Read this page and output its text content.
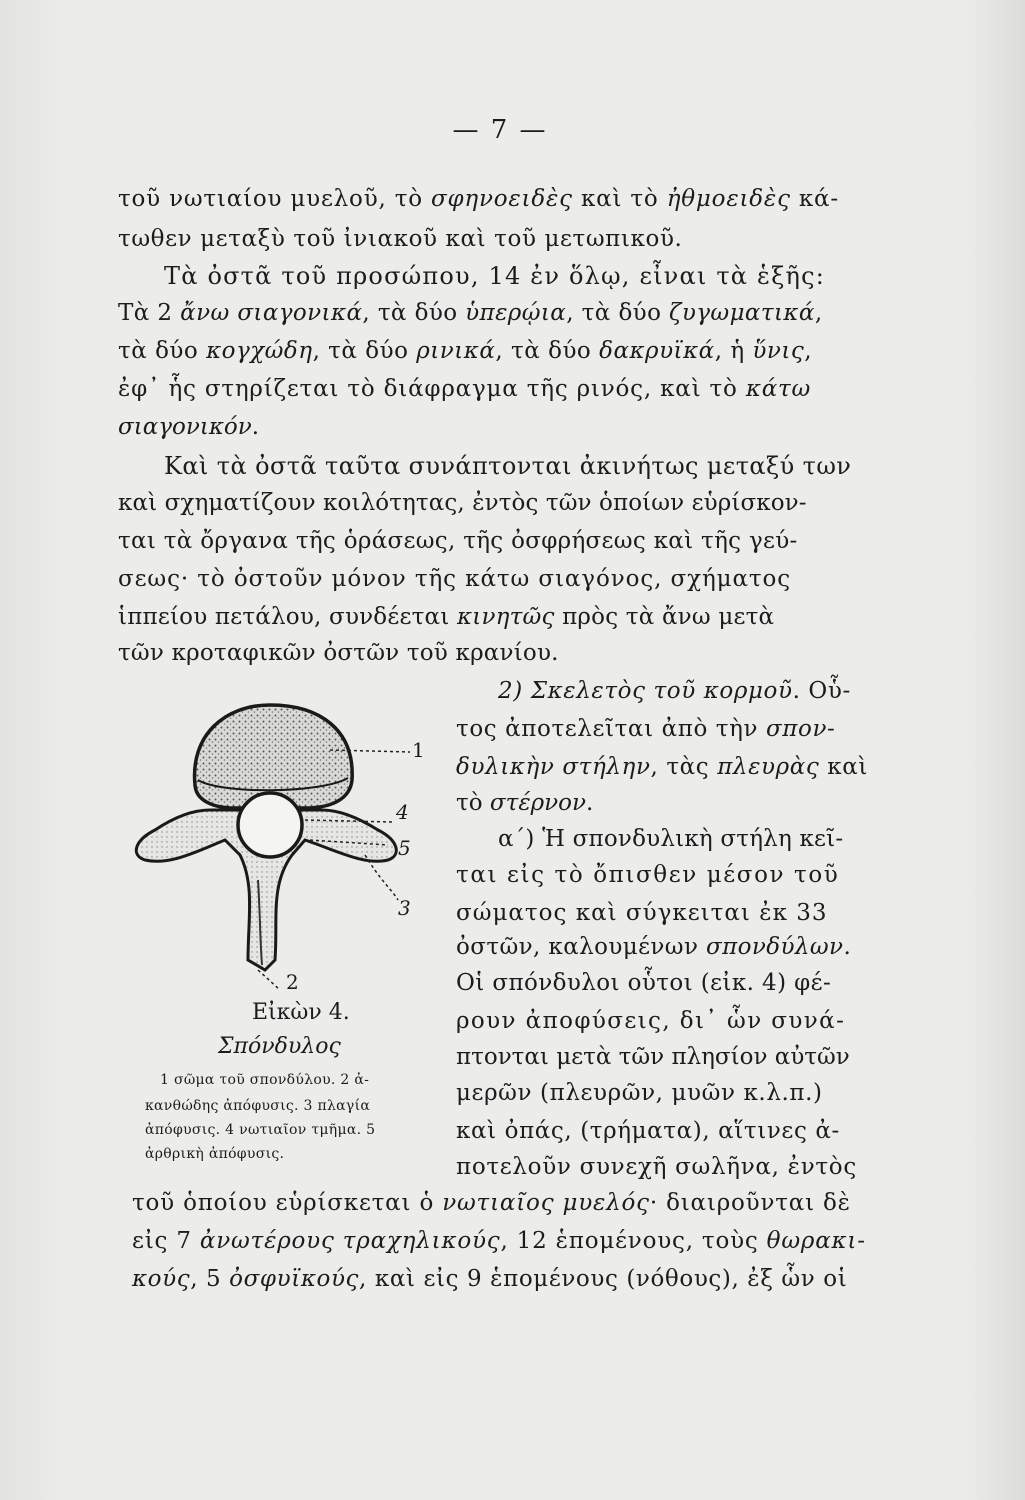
— 7 —
τοῦ νωτιαίου μυελοῦ, τὸ σφηνοειδὲς καὶ τὸ ἠθμοειδὲς κά-
τωθεν μεταξὺ τοῦ ἰνιακοῦ καὶ τοῦ μετωπικοῦ.
Τὰ ὀστᾶ τοῦ προσώπου, 14 ἐν ὅλῳ, εἶναι τὰ ἑξῆς:
Τὰ 2 ἄνω σιαγονικά, τὰ δύο ὑπερῴια, τὰ δύο ζυγωματικά,
τὰ δύο κογχώδη, τὰ δύο ρινικά, τὰ δύο δακρυϊκά, ἡ ὕνις,
ἐφ᾽ ἧς στηρίζεται τὸ διάφραγμα τῆς ρινός, καὶ τὸ κάτω
σιαγονικόν.
Καὶ τὰ ὀστᾶ ταῦτα συνάπτονται ἀκινήτως μεταξύ των
καὶ σχηματίζουν κοιλότητας, ἐντὸς τῶν ὁποίων εὑρίσκον-
ται τὰ ὄργανα τῆς ὁράσεως, τῆς ὀσφρήσεως καὶ τῆς γεύ-
σεως· τὸ ὀστοῦν μόνον τῆς κάτω σιαγόνος, σχήματος
ἱππείου πετάλου, συνδέεται κινητῶς πρὸς τὰ ἄνω μετὰ
τῶν κροταφικῶν ὀστῶν τοῦ κρανίου.
2) Σκελετὸς τοῦ κορμοῦ. Οὗ-
τος ἀποτελεῖται ἀπὸ τὴν σπον-
δυλικὴν στήλην, τὰς πλευρὰς καὶ
τὸ στέρνον.
α´) Ἡ σπονδυλικὴ στήλη κεῖ-
ται εἰς τὸ ὄπισθεν μέσον τοῦ
σώματος καὶ σύγκειται ἐκ 33
ὀστῶν, καλουμένων σπονδύλων.
Οἱ σπόνδυλοι οὗτοι (εἰκ. 4) φέ-
ρουν ἀποφύσεις, δι᾽ ὧν συνά-
πτονται μετὰ τῶν πλησίον αὐτῶν
μερῶν (πλευρῶν, μυῶν κ.λ.π.)
καὶ ὀπάς, (τρήματα), αἵτινες ἀ-
ποτελοῦν συνεχῆ σωλῆνα, ἐντὸς
1
4
5
3
2
Εἰκὼν 4.
Σπόνδυλος
1 σῶμα τοῦ σπονδύλου. 2 ἀ-
κανθώδης ἀπόφυσις. 3 πλαγία
ἀπόφυσις. 4 νωτιαῖον τμῆμα. 5
ἀρθρικὴ ἀπόφυσις.
τοῦ ὁποίου εὑρίσκεται ὁ νωτιαῖος μυελός· διαιροῦνται δὲ
εἰς 7 ἀνωτέρους τραχηλικούς, 12 ἑπομένους, τοὺς θωρακι-
κούς, 5 ὀσφυϊκούς, καὶ εἰς 9 ἑπομένους (νόθους), ἐξ ὧν οἱ
